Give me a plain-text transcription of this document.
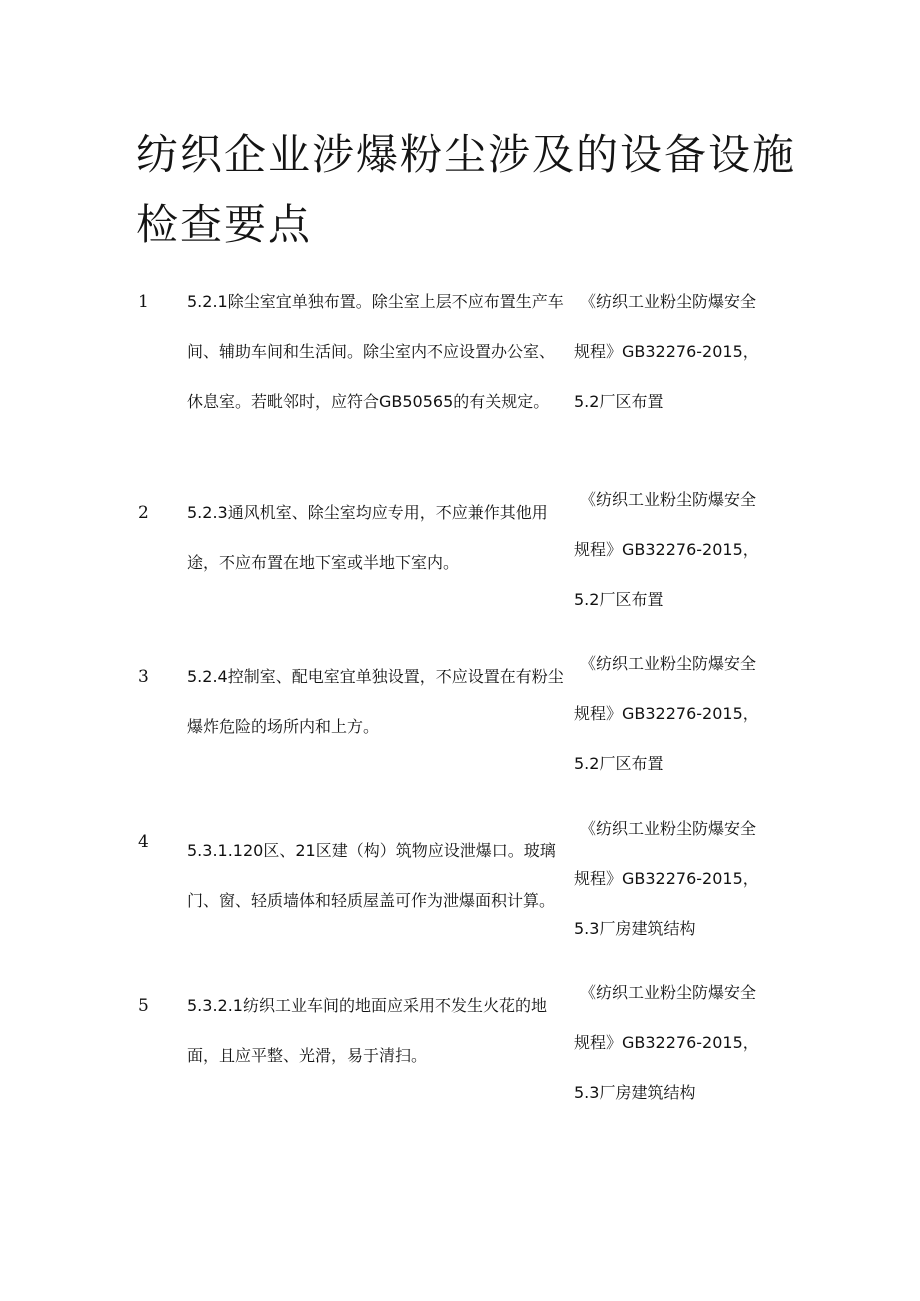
纺织企业涉爆粉尘涉及的设备设施检查要点
1 5.2.1除尘室宜单独布置。除尘室上层不应布置生产车间、辅助车间和生活间。除尘室内不应设置办公室、休息室。若毗邻时，应符合GB50565的有关规定。
《纺织工业粉尘防爆安全
规程》GB32276-2015，
5.2厂区布置
2 5.2.3通风机室、除尘室均应专用，不应兼作其他用途，不应布置在地下室或半地下室内。
《纺织工业粉尘防爆安全
规程》GB32276-2015，
5.2厂区布置
3 5.2.4控制室、配电室宜单独设置，不应设置在有粉尘爆炸危险的场所内和上方。
《纺织工业粉尘防爆安全
规程》GB32276-2015，
5.2厂区布置
4 5.3.1.120区、21区建（构）筑物应设泄爆口。玻璃门、窗、轻质墙体和轻质屋盖可作为泄爆面积计算。
《纺织工业粉尘防爆安全
规程》GB32276-2015，
5.3厂房建筑结构
5 5.3.2.1纺织工业车间的地面应采用不发生火花的地面，且应平整、光滑，易于清扫。
《纺织工业粉尘防爆安全
规程》GB32276-2015，
5.3厂房建筑结构
